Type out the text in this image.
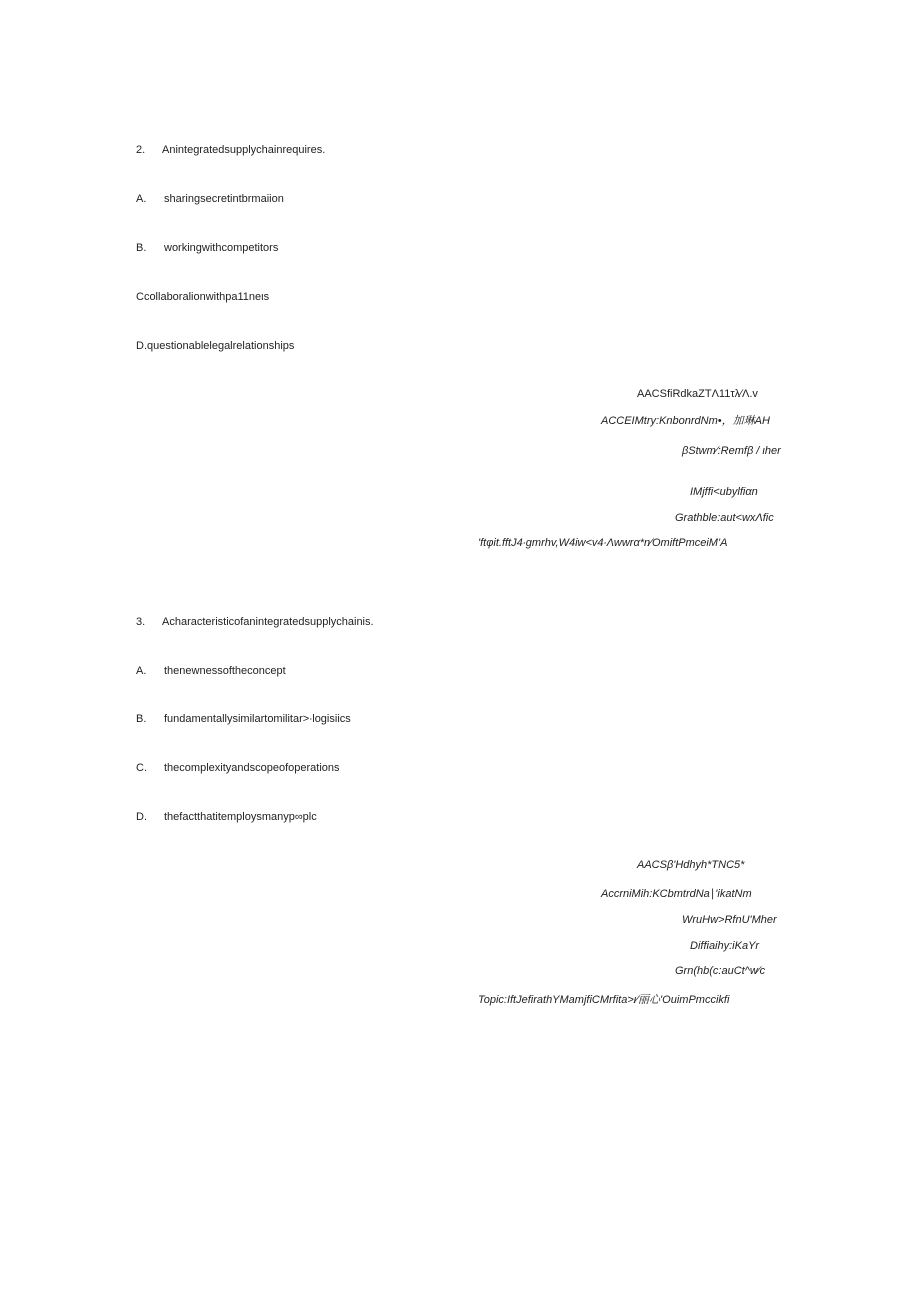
2. Anintegratedsupplychainrequires.
A. sharingsecretintbrmaiion
B. workingwithcompetitors
Ccollaboralionwithpa11neιs
D.questionablelegalrelationships
AACSfiRdkaZTΛ11τλ∕Λ.v
ACCEIMtry:KnbonrdNm•，加琳AH
βStwm∕:Remfβ / ιher
IMjffi<ubylfiαn
Grathble:aut<wxΛfic
'ftφit.fftJ4∙gmrhv,W4iw<v4∙Λwwrα*n∕OmiftPmceiM'A
3. Acharacteristicofanintegratedsupplychainis.
A. thenewnessoftheconcept
B. fundamentallysimilartomilitar>∙logisiics
C. thecomplexityandscopeofoperations
D. thefactthatitemploysmanyp∞plc
AACSβ'Hdhyh*TNC5*
AccrniMih:KCbmtrdNa∣'ikatNm
WruHw>RfnU'Mher
Diffiaihy:iKaYr
Grn(hb(c:auCt^w∕c
Topic:IftJefirathYMamjfiCMrfita>ι∕丽心'OuimPmccikfi
